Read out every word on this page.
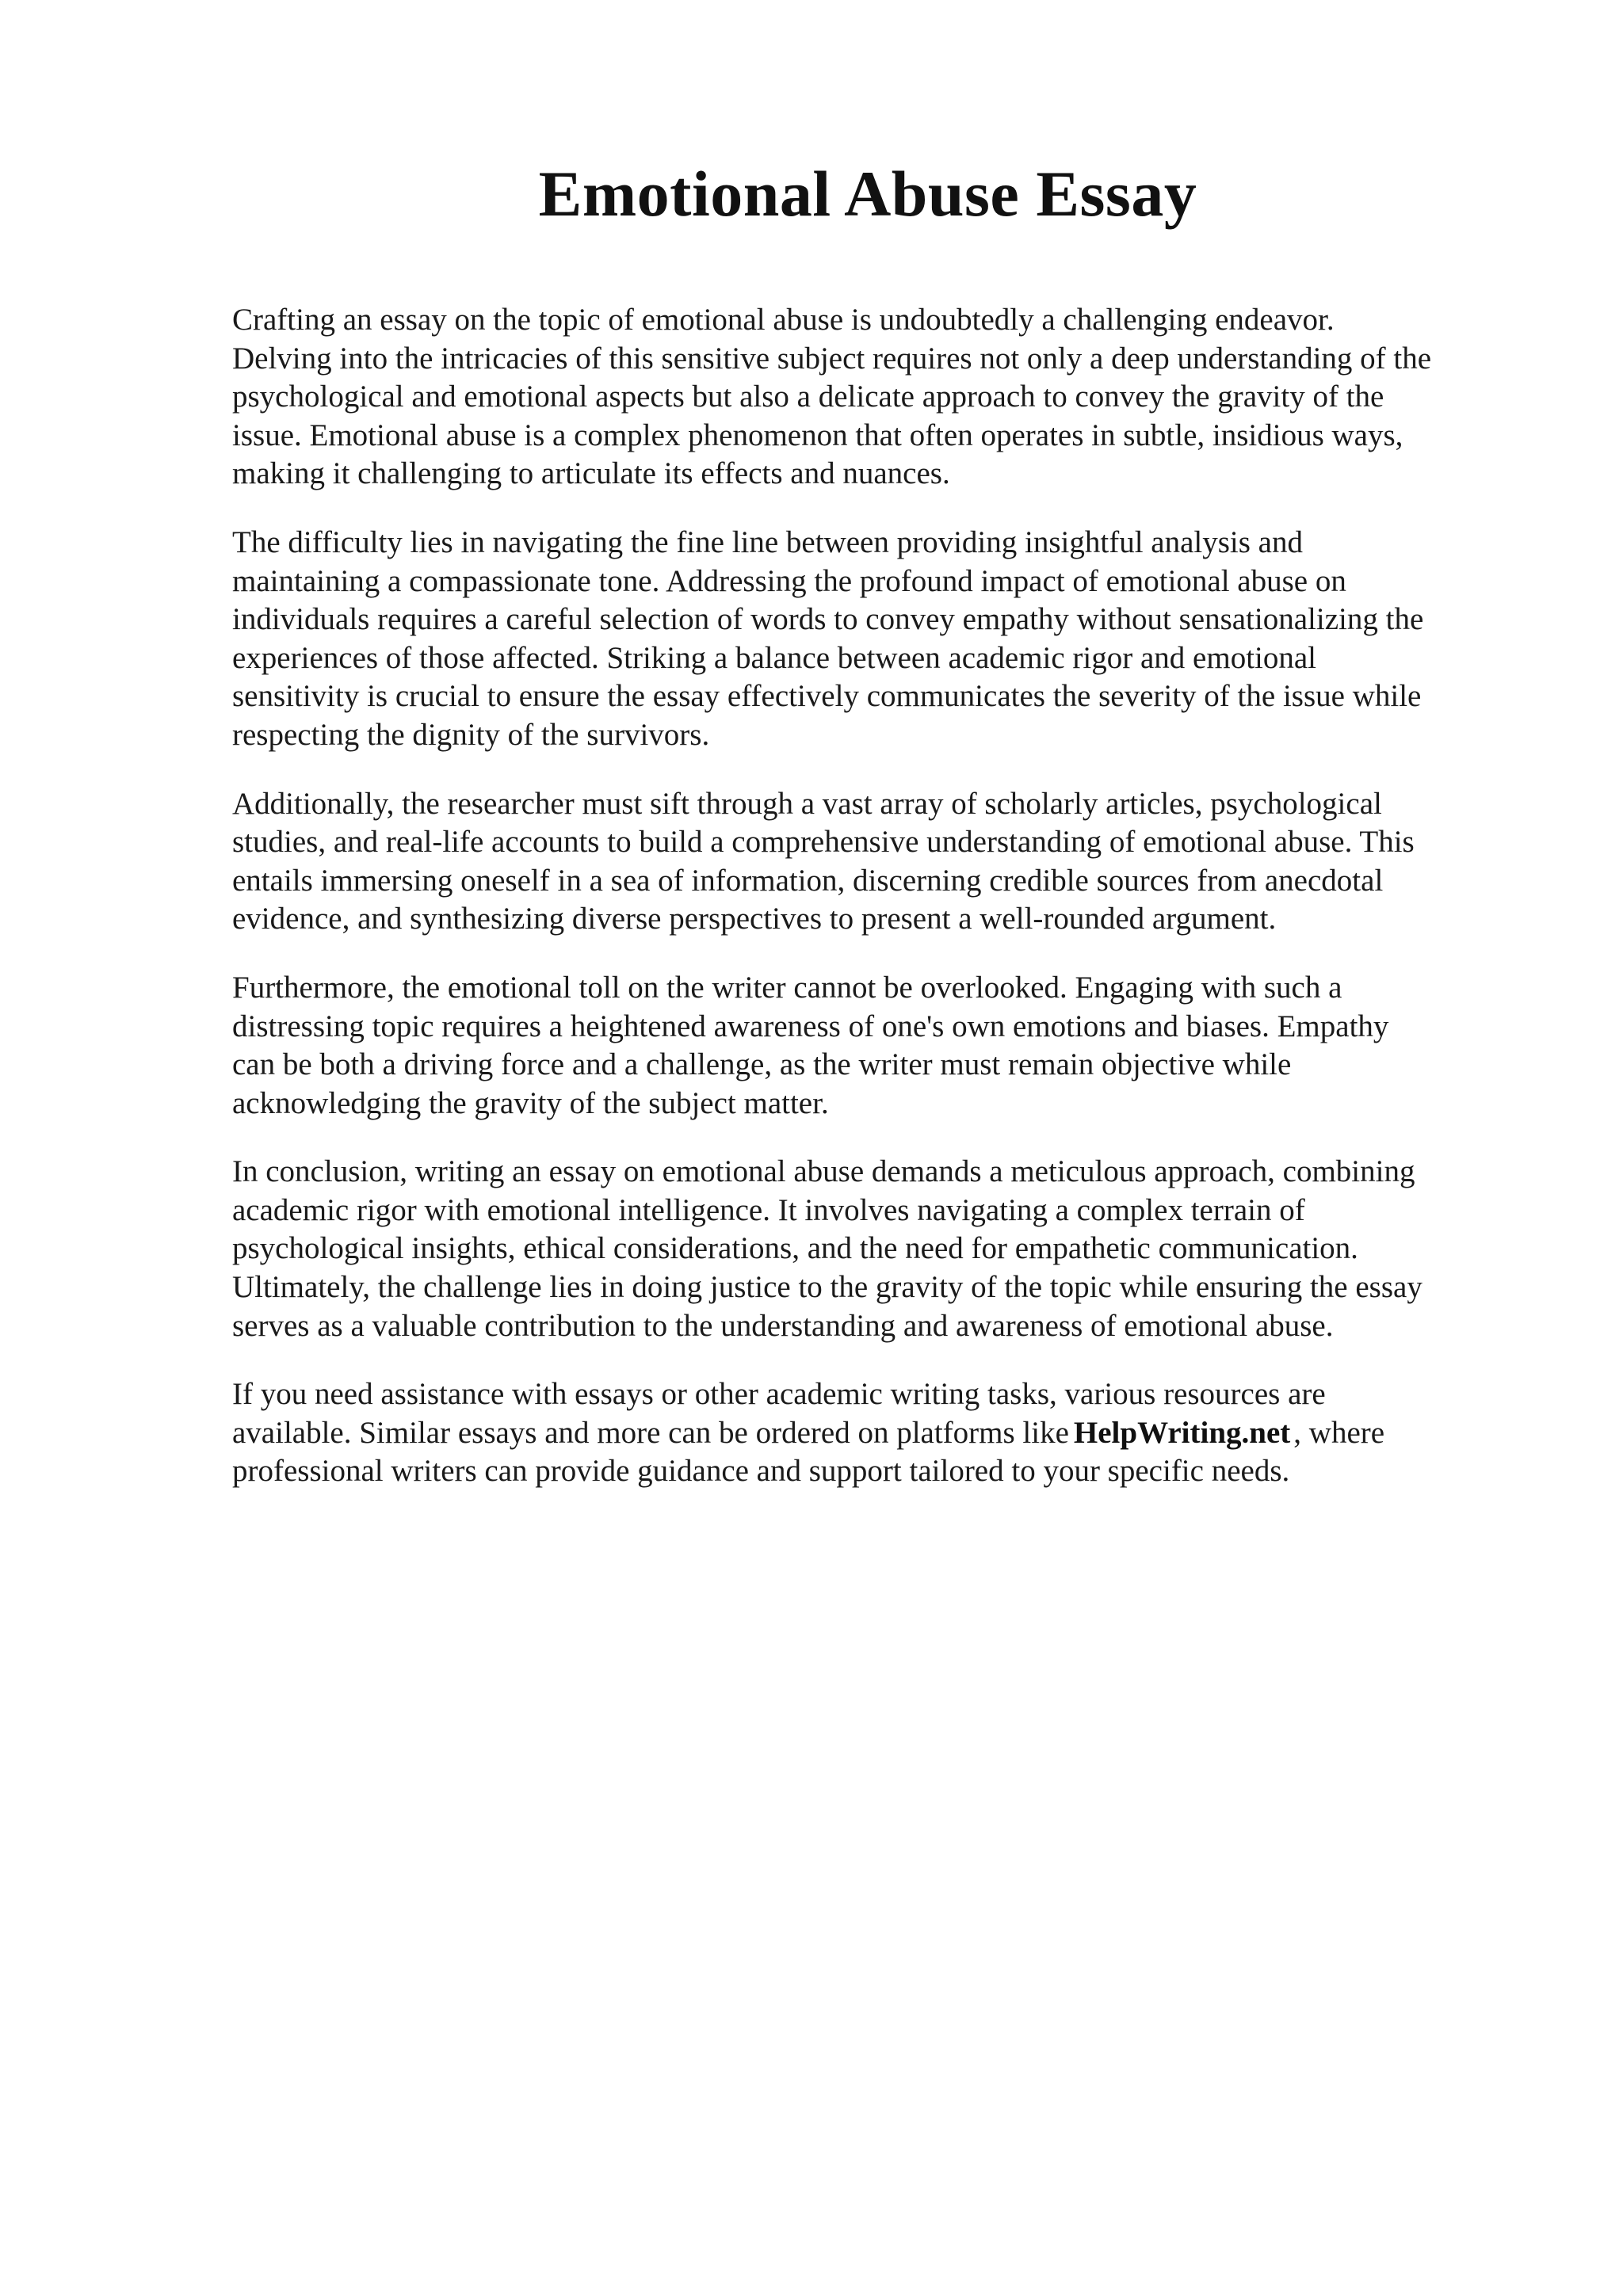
Emotional Abuse Essay

Crafting an essay on the topic of emotional abuse is undoubtedly a challenging endeavor.
Delving into the intricacies of this sensitive subject requires not only a deep understanding of the
psychological and emotional aspects but also a delicate approach to convey the gravity of the
issue. Emotional abuse is a complex phenomenon that often operates in subtle, insidious ways,
making it challenging to articulate its effects and nuances.

The difficulty lies in navigating the fine line between providing insightful analysis and
maintaining a compassionate tone. Addressing the profound impact of emotional abuse on
individuals requires a careful selection of words to convey empathy without sensationalizing the
experiences of those affected. Striking a balance between academic rigor and emotional
sensitivity is crucial to ensure the essay effectively communicates the severity of the issue while
respecting the dignity of the survivors.

Additionally, the researcher must sift through a vast array of scholarly articles, psychological
studies, and real-life accounts to build a comprehensive understanding of emotional abuse. This
entails immersing oneself in a sea of information, discerning credible sources from anecdotal
evidence, and synthesizing diverse perspectives to present a well-rounded argument.

Furthermore, the emotional toll on the writer cannot be overlooked. Engaging with such a
distressing topic requires a heightened awareness of one's own emotions and biases. Empathy
can be both a driving force and a challenge, as the writer must remain objective while
acknowledging the gravity of the subject matter.

In conclusion, writing an essay on emotional abuse demands a meticulous approach, combining
academic rigor with emotional intelligence. It involves navigating a complex terrain of
psychological insights, ethical considerations, and the need for empathetic communication.
Ultimately, the challenge lies in doing justice to the gravity of the topic while ensuring the essay
serves as a valuable contribution to the understanding and awareness of emotional abuse.

If you need assistance with essays or other academic writing tasks, various resources are
available. Similar essays and more can be ordered on platforms like HelpWriting.net , where
professional writers can provide guidance and support tailored to your specific needs.
